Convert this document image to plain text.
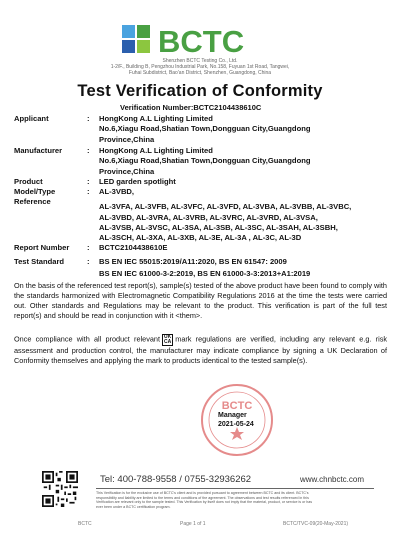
BCTC
Shenzhen BCTC Testing Co., Ltd.
1-2/F., Building B, Pengzhou Industrial Park, No.158, Fuyuan 1st Road, Tangwei,
Fuhai Subdistrict, Bao'an District, Shenzhen, Guangdong, China
Test Verification of Conformity
Verification Number:BCTC2104438610C
Applicant	: HongKong A.L Lighting Limited
No.6,Xiagu Road,Shatian Town,Dongguan City,Guangdong
Province,China
Manufacturer	: HongKong A.L Lighting Limited
No.6,Xiagu Road,Shatian Town,Dongguan City,Guangdong
Province,China
Product	: LED garden spotlight
Model/Type
Reference
: AL-3VBD,
AL-3VFA, AL-3VFB, AL-3VFC, AL-3VFD, AL-3VBA, AL-3VBB, AL-3VBC,
AL-3VBD, AL-3VRA, AL-3VRB, AL-3VRC, AL-3VRD, AL-3VSA,
AL-3VSB, AL-3VSC, AL-3SA, AL-3SB, AL-3SC, AL-3SAH, AL-3SBH,
AL-3SCH, AL-3XA, AL-3XB, AL-3E, AL-3A , AL-3C, AL-3D
Report Number : BCTC2104438610E
Test Standard	: BS EN IEC 55015:2019/A11:2020, BS EN 61547: 2009
BS EN IEC 61000-3-2:2019, BS EN 61000-3-3:2013+A1:2019

On the basis of the referenced test report(s), sample(s) tested of the above product have been found to comply with the standards harmonized with Electromagnetic Compatibility Regulations 2016 at the time the tests were carried out. Other standards and Regulations may be relevant to the product. This verification is part of the full test report(s) and should be read in conjunction with it <them>.

Once compliance with all product relevant UK
CA mark regulations are verified, including any relevant e.g. risk assessment and production control, the manufacturer may indicate compliance by signing a UK Declaration of Conformity themselves and applying the mark to products identical to the tested sample(s).

BCTC
Manager
2021-05-24
Tel: 400-788-9558 / 0755-32936262	www.chnbctc.com
This Verification is for the exclusive use of BCTC's client and is provided pursuant to agreement between BCTC and its client. BCTC's
responsibility and liability are limited to the terms and conditions of the agreement. The observations and test results referenced in this
Verification are relevant only to the sample tested. This Verification by itself does not imply that the material, product, or service is or has
ever been under a BCTC certification program.
BCTC	Page 1 of 1	BCTC/TVC-09(20-May-2021)
